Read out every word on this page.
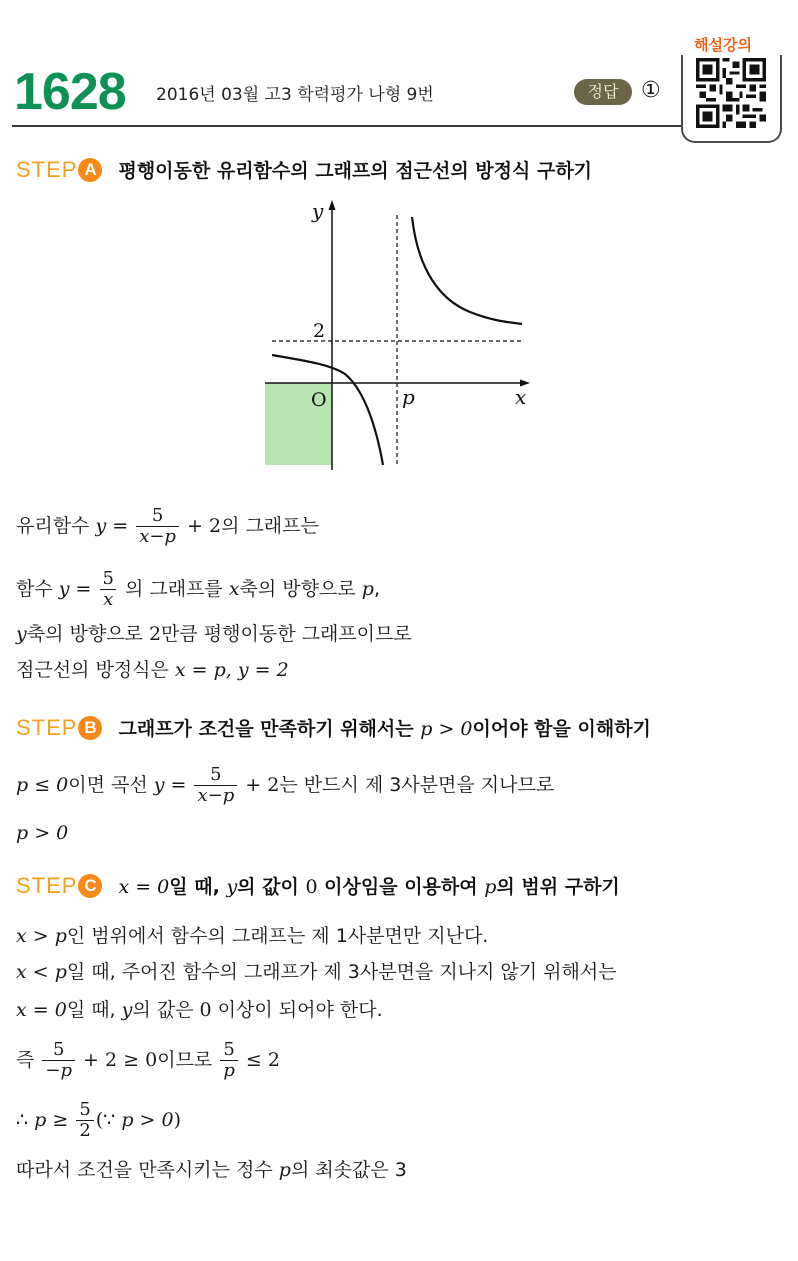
1628 2016년 03월 고3 학력평가 나형 9번	정답	①
해설강의
STEP A	평행이동한 유리함수의 그래프의 점근선의 방정식 구하기
y
2
O	p	x
유리함수 $y = \frac{5}{x-p} + 2$의 그래프는
함수 $y = \frac{5}{x}$ 의 그래프를 x축의 방향으로 p,
y축의 방향으로 2만큼 평행이동한 그래프이므로
점근선의 방정식은 x = p, y = 2
STEP B	그래프가 조건을 만족하기 위해서는 p > 0이어야 함을 이해하기
p ≤ 0이면 곡선 $y = \frac{5}{x-p} + 2$는 반드시 제 3사분면을 지나므로
p > 0
STEP C	x = 0일 때, y의 값이 0 이상임을 이용하여 p의 범위 구하기
x > p인 범위에서 함수의 그래프는 제 1사분면만 지난다.
x < p일 때, 주어진 함수의 그래프가 제 3사분면을 지나지 않기 위해서는
x = 0일 때, y의 값은 0 이상이 되어야 한다.
즉 $\frac{5}{-p} + 2 \ge 0$이므로 $\frac{5}{p} \le 2$
∴ $p \ge \frac{5}{2}$ (∵ p > 0)
따라서 조건을 만족시키는 정수 p의 최솟값은 3
